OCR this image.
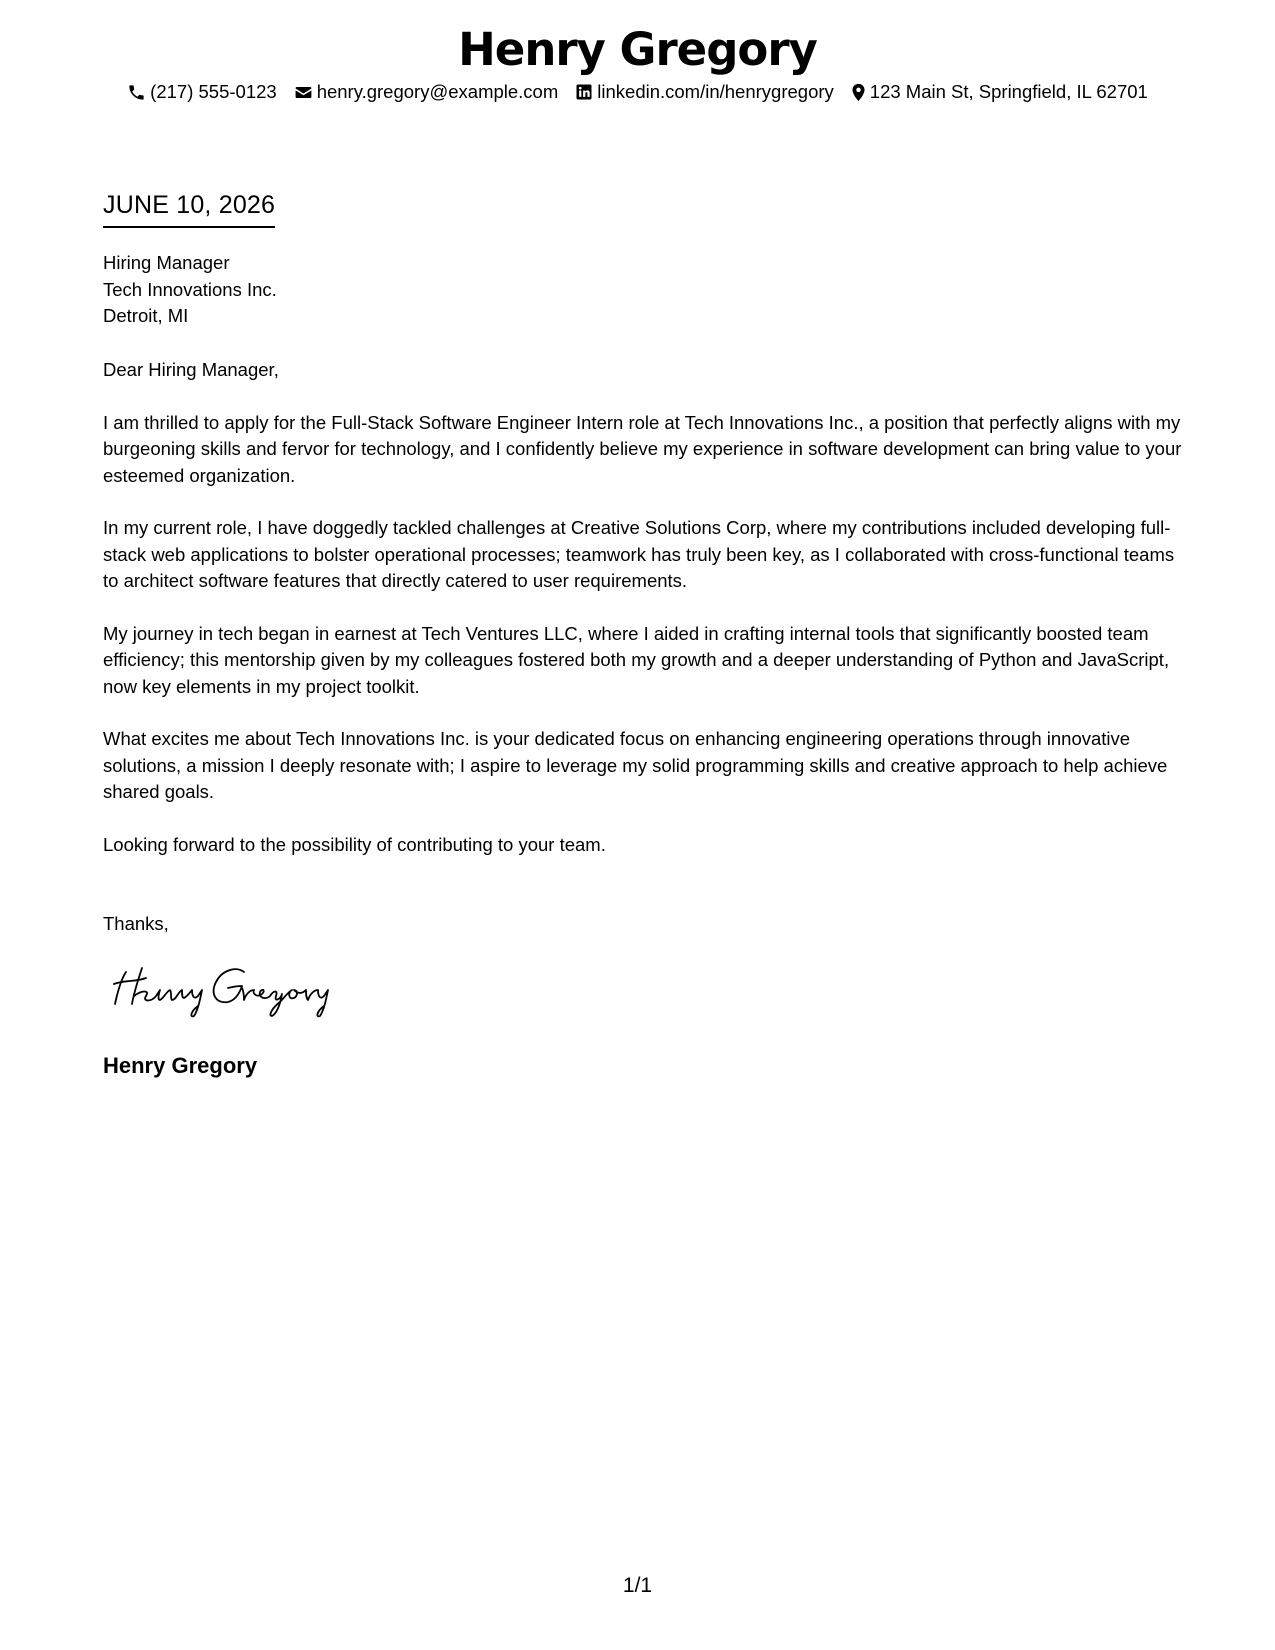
Henry Gregory
(217) 555-0123 henry.gregory@example.com linkedin.com/in/henrygregory 123 Main St, Springfield, IL 62701
JUNE 10, 2026
Hiring Manager
Tech Innovations Inc.
Detroit, MI

Dear Hiring Manager,

I am thrilled to apply for the Full-Stack Software Engineer Intern role at Tech Innovations Inc., a position that perfectly aligns with my burgeoning skills and fervor for technology, and I confidently believe my experience in software development can bring value to your esteemed organization.

In my current role, I have doggedly tackled challenges at Creative Solutions Corp, where my contributions included developing full-stack web applications to bolster operational processes; teamwork has truly been key, as I collaborated with cross-functional teams to architect software features that directly catered to user requirements.

My journey in tech began in earnest at Tech Ventures LLC, where I aided in crafting internal tools that significantly boosted team efficiency; this mentorship given by my colleagues fostered both my growth and a deeper understanding of Python and JavaScript, now key elements in my project toolkit.

What excites me about Tech Innovations Inc. is your dedicated focus on enhancing engineering operations through innovative solutions, a mission I deeply resonate with; I aspire to leverage my solid programming skills and creative approach to help achieve shared goals.

Looking forward to the possibility of contributing to your team.

Thanks,
Henry Gregory
1/1
